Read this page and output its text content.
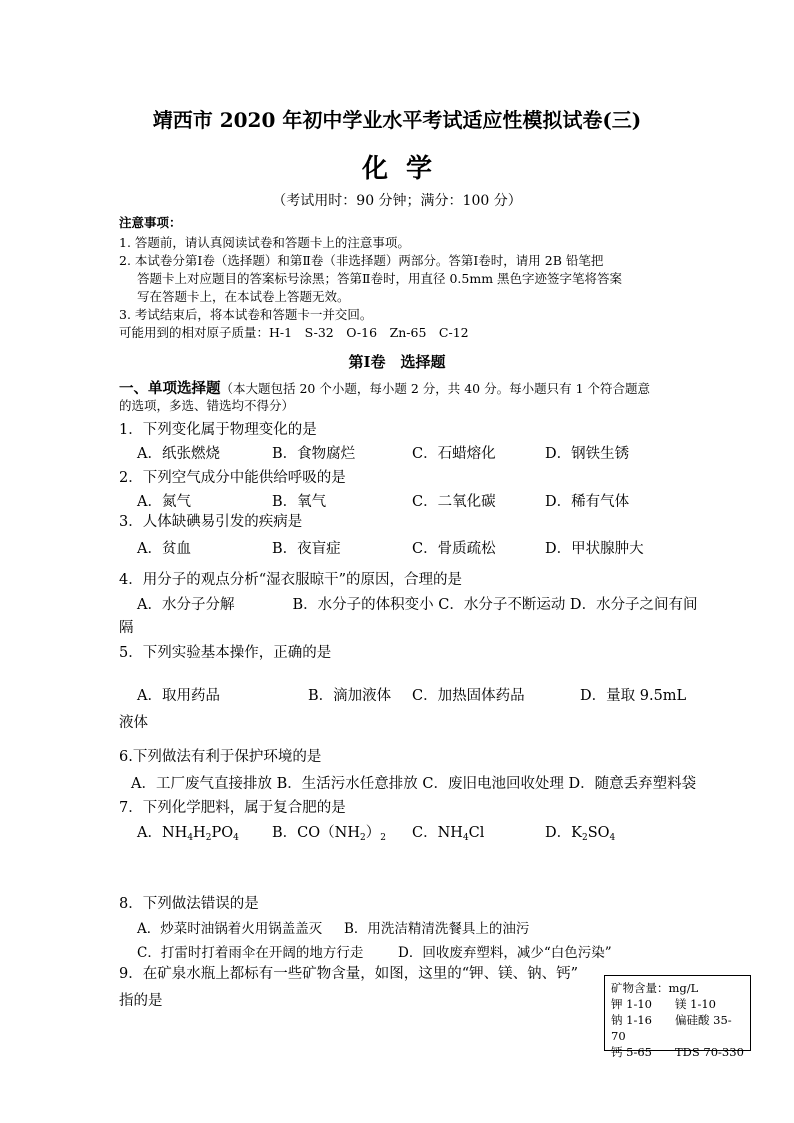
靖西市 2020 年初中学业水平考试适应性模拟试卷(三)
化学
（考试用时：90 分钟；满分：100 分）
注意事项：
1. 答题前，请认真阅读试卷和答题卡上的注意事项。
2. 本试卷分第Ⅰ卷（选择题）和第Ⅱ卷（非选择题）两部分。答第Ⅰ卷时，请用 2B 铅笔把
答题卡上对应题目的答案标号涂黑；答第Ⅱ卷时，用直径 0.5mm 黑色字迹签字笔将答案
写在答题卡上，在本试卷上答题无效。
3. 考试结束后，将本试卷和答题卡一并交回。
可能用到的相对原子质量：H-1　S-32　O-16　Zn-65　C-12
第Ⅰ卷　选择题
一、单项选择题（本大题包括 20 个小题，每小题 2 分，共 40 分。每小题只有 1 个符合题意
的选项，多选、错选均不得分）
1．下列变化属于物理变化的是
A．纸张燃烧	B．食物腐烂	C．石蜡熔化	D．钢铁生锈
2．下列空气成分中能供给呼吸的是
A．氮气	B．氧气	C．二氧化碳	D．稀有气体
3．人体缺碘易引发的疾病是
A．贫血	B．夜盲症	C．骨质疏松	D．甲状腺肿大
4．用分子的观点分析“湿衣服晾干”的原因，合理的是
A．水分子分解　　　　B．水分子的体积变小 C．水分子不断运动 D．水分子之间有间
隔
5．下列实验基本操作，正确的是
A．取用药品	B．滴加液体 C．加热固体药品	D．量取 9.5mL
液体
6.下列做法有利于保护环境的是
A．工厂废气直接排放 B．生活污水任意排放 C．废旧电池回收处理 D．随意丢弃塑料袋
7．下列化学肥料，属于复合肥的是
A．$NH_4H_2PO_4$ B．$CO(NH_2)_2$ C．$NH_4Cl$	D．$K_2SO_4$
8．下列做法错误的是
A．炒菜时油锅着火用锅盖盖灭 B．用洗洁精清洗餐具上的油污
C．打雷时打着雨伞在开阔的地方行走	D．回收废弃塑料，减少“白色污染”
9．在矿泉水瓶上都标有一些矿物含量，如图，这里的“钾、镁、钠、钙”
指的是
矿物含量：mg/L
钾 1-10　　镁 1-10
钠 1-16　　偏硅酸 35-70
钙 5-65　　TDS 70-330
